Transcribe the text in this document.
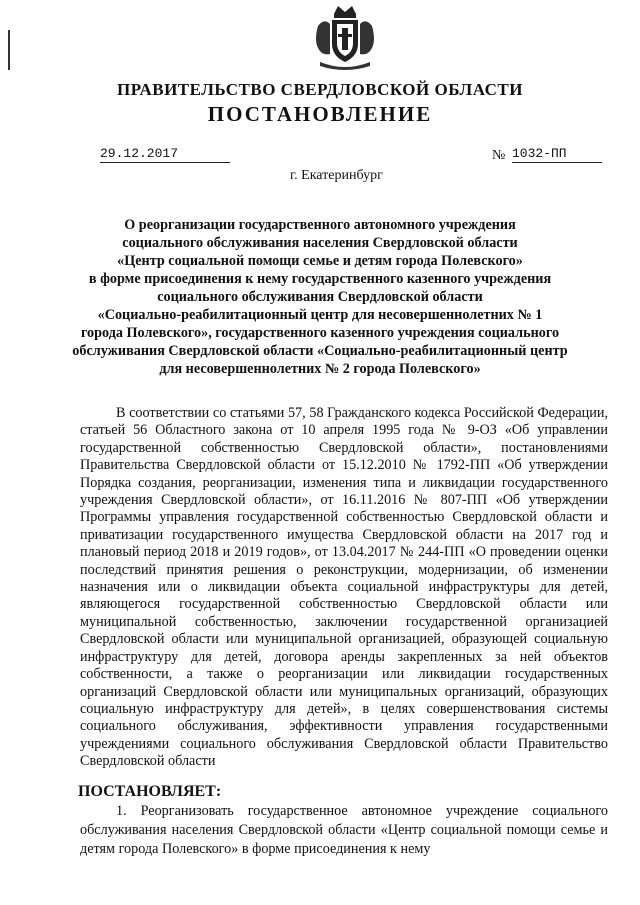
ПРАВИТЕЛЬСТВО СВЕРДЛОВСКОЙ ОБЛАСТИ
ПОСТАНОВЛЕНИЕ
29.12.2017	№ 1032-ПП
г. Екатеринбург
О реорганизации государственного автономного учреждения
социального обслуживания населения Свердловской области
«Центр социальной помощи семье и детям города Полевского»
в форме присоединения к нему государственного казенного учреждения
социального обслуживания Свердловской области
«Социально-реабилитационный центр для несовершеннолетних № 1
города Полевского», государственного казенного учреждения социального
обслуживания Свердловской области «Социально-реабилитационный центр
для несовершеннолетних № 2 города Полевского»

В соответствии со статьями 57, 58 Гражданского кодекса Российской Федерации, статьей 56 Областного закона от 10 апреля 1995 года № 9-ОЗ «Об управлении государственной собственностью Свердловской области», постановлениями Правительства Свердловской области от 15.12.2010 № 1792-ПП «Об утверждении Порядка создания, реорганизации, изменения типа и ликвидации государственного учреждения Свердловской области», от 16.11.2016 № 807-ПП «Об утверждении Программы управления государственной собственностью Свердловской области и приватизации государственного имущества Свердловской области на 2017 год и плановый период 2018 и 2019 годов», от 13.04.2017 № 244-ПП «О проведении оценки последствий принятия решения о реконструкции, модернизации, об изменении назначения или о ликвидации объекта социальной инфраструктуры для детей, являющегося государственной собственностью Свердловской области или муниципальной собственностью, заключении государственной организацией Свердловской области или муниципальной организацией, образующей социальную инфраструктуру для детей, договора аренды закрепленных за ней объектов собственности, а также о реорганизации или ликвидации государственных организаций Свердловской области или муниципальных организаций, образующих социальную инфраструктуру для детей», в целях совершенствования системы социального обслуживания, эффективности управления государственными учреждениями социального обслуживания Свердловской области Правительство Свердловской области

ПОСТАНОВЛЯЕТ:

1. Реорганизовать государственное автономное учреждение социального обслуживания населения Свердловской области «Центр социальной помощи семье и детям города Полевского» в форме присоединения к нему
